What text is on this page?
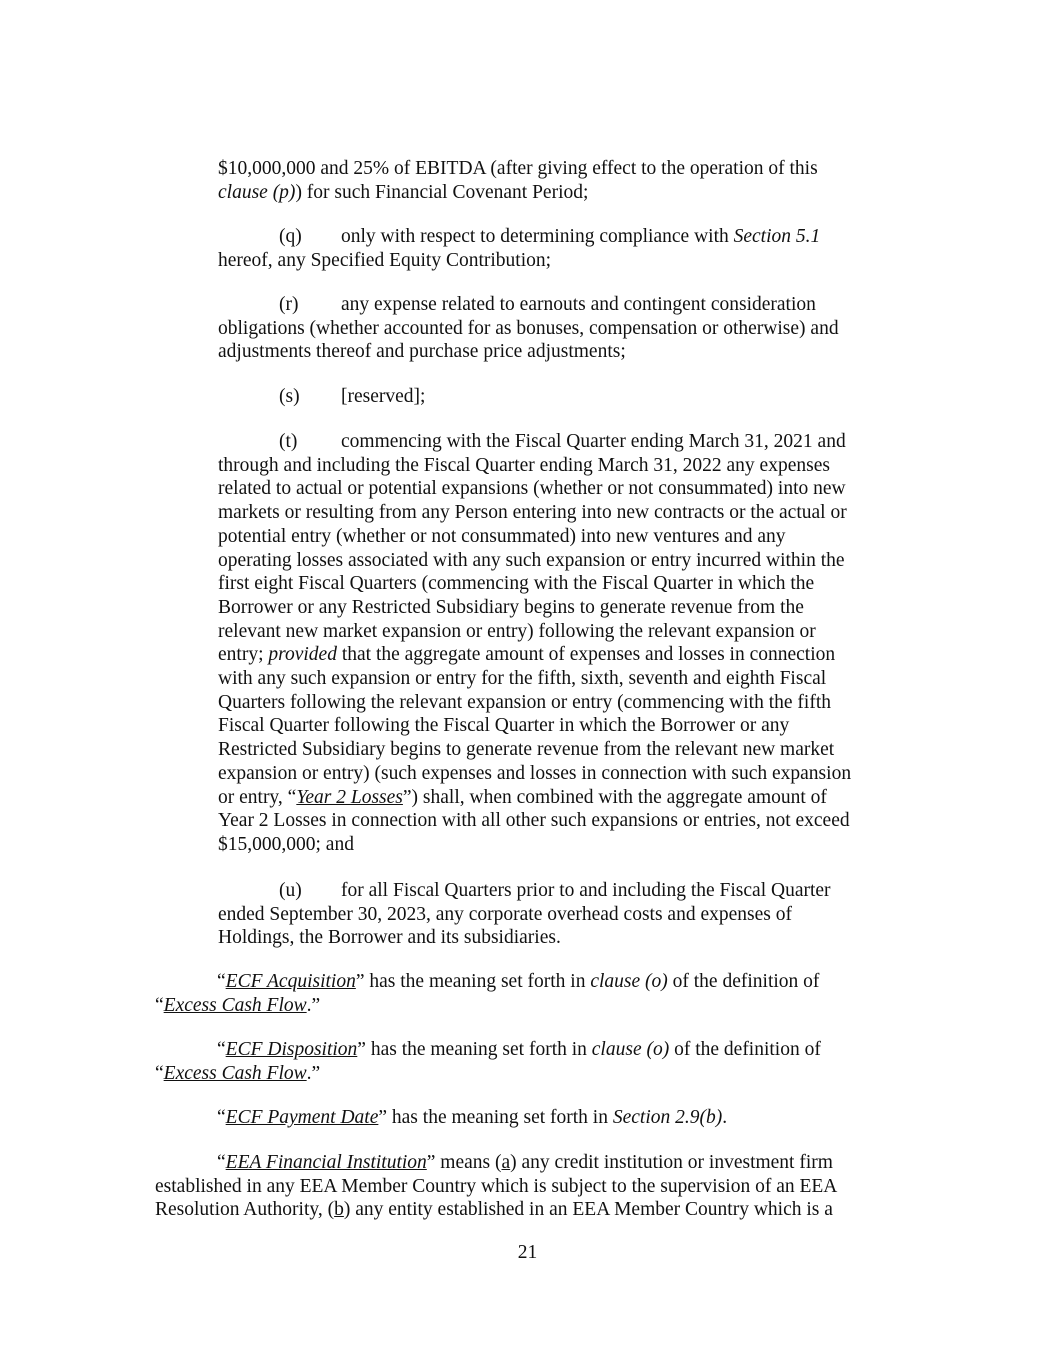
$10,000,000 and 25% of EBITDA (after giving effect to the operation of this
clause (p)) for such Financial Covenant Period;
(q) only with respect to determining compliance with Section 5.1
hereof, any Specified Equity Contribution;
(r) any expense related to earnouts and contingent consideration
obligations (whether accounted for as bonuses, compensation or otherwise) and
adjustments thereof and purchase price adjustments;
(s) [reserved];
(t) commencing with the Fiscal Quarter ending March 31, 2021 and
through and including the Fiscal Quarter ending March 31, 2022 any expenses
related to actual or potential expansions (whether or not consummated) into new
markets or resulting from any Person entering into new contracts or the actual or
potential entry (whether or not consummated) into new ventures and any
operating losses associated with any such expansion or entry incurred within the
first eight Fiscal Quarters (commencing with the Fiscal Quarter in which the
Borrower or any Restricted Subsidiary begins to generate revenue from the
relevant new market expansion or entry) following the relevant expansion or
entry; provided that the aggregate amount of expenses and losses in connection
with any such expansion or entry for the fifth, sixth, seventh and eighth Fiscal
Quarters following the relevant expansion or entry (commencing with the fifth
Fiscal Quarter following the Fiscal Quarter in which the Borrower or any
Restricted Subsidiary begins to generate revenue from the relevant new market
expansion or entry) (such expenses and losses in connection with such expansion
or entry, “Year 2 Losses”) shall, when combined with the aggregate amount of
Year 2 Losses in connection with all other such expansions or entries, not exceed
$15,000,000; and
(u) for all Fiscal Quarters prior to and including the Fiscal Quarter
ended September 30, 2023, any corporate overhead costs and expenses of
Holdings, the Borrower and its subsidiaries.
“ECF Acquisition” has the meaning set forth in clause (o) of the definition of
“Excess Cash Flow.”
“ECF Disposition” has the meaning set forth in clause (o) of the definition of
“Excess Cash Flow.”
“ECF Payment Date” has the meaning set forth in Section 2.9(b).
“EEA Financial Institution” means (a) any credit institution or investment firm
established in any EEA Member Country which is subject to the supervision of an EEA
Resolution Authority, (b) any entity established in an EEA Member Country which is a
21
